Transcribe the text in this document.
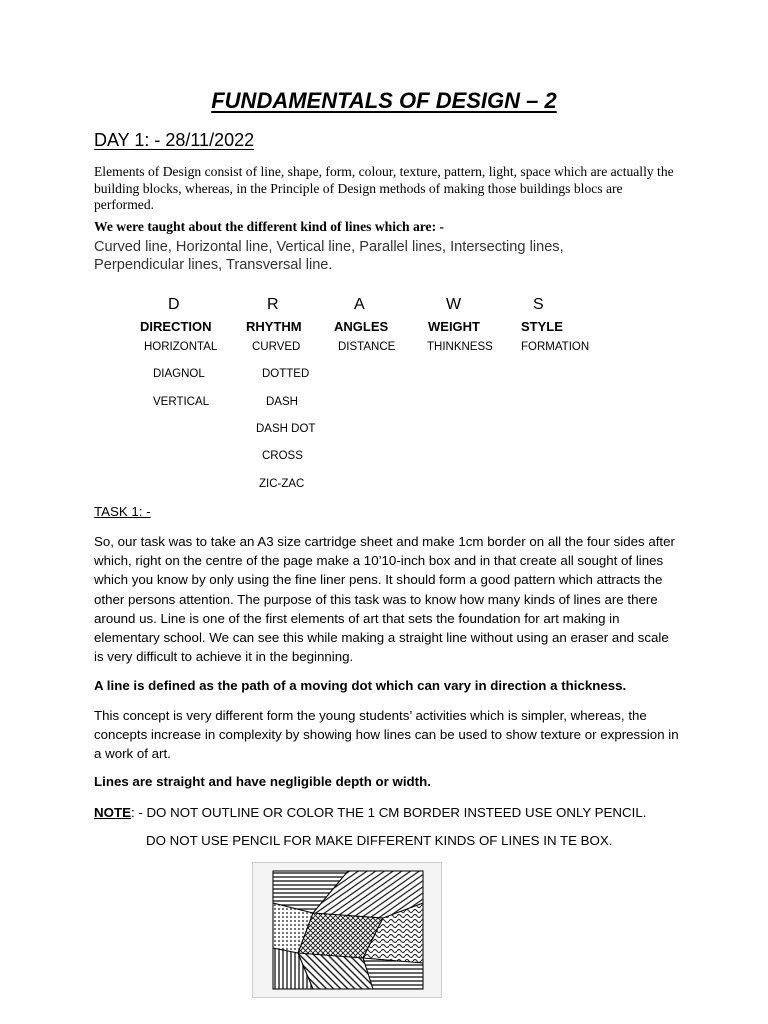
FUNDAMENTALS OF DESIGN – 2
DAY 1: - 28/11/2022
Elements of Design consist of line, shape, form, colour, texture, pattern, light, space which are actually the building blocks, whereas, in the Principle of Design methods of making those buildings blocs are performed.
We were taught about the different kind of lines which are: -
Curved line, Horizontal line, Vertical line, Parallel lines, Intersecting lines, Perpendicular lines, Transversal line.
D
DIRECTION
HORIZONTAL
DIAGNOL
VERTICAL
R
RHYTHM
CURVED
DOTTED
DASH
DASH DOT
CROSS
ZIC-ZAC
A
ANGLES
DISTANCE
W
WEIGHT
THINKNESS
S
STYLE
FORMATION
TASK 1: -
So, our task was to take an A3 size cartridge sheet and make 1cm border on all the four sides after which, right on the centre of the page make a 10’10-inch box and in that create all sought of lines which you know by only using the fine liner pens. It should form a good pattern which attracts the other persons attention. The purpose of this task was to know how many kinds of lines are there around us. Line is one of the first elements of art that sets the foundation for art making in elementary school. We can see this while making a straight line without using an eraser and scale is very difficult to achieve it in the beginning.
A line is defined as the path of a moving dot which can vary in direction a thickness.
This concept is very different form the young students’ activities which is simpler, whereas, the concepts increase in complexity by showing how lines can be used to show texture or expression in a work of art.
Lines are straight and have negligible depth or width.
NOTE: - DO NOT OUTLINE OR COLOR THE 1 CM BORDER INSTEED USE ONLY PENCIL.
DO NOT USE PENCIL FOR MAKE DIFFERENT KINDS OF LINES IN TE BOX.
